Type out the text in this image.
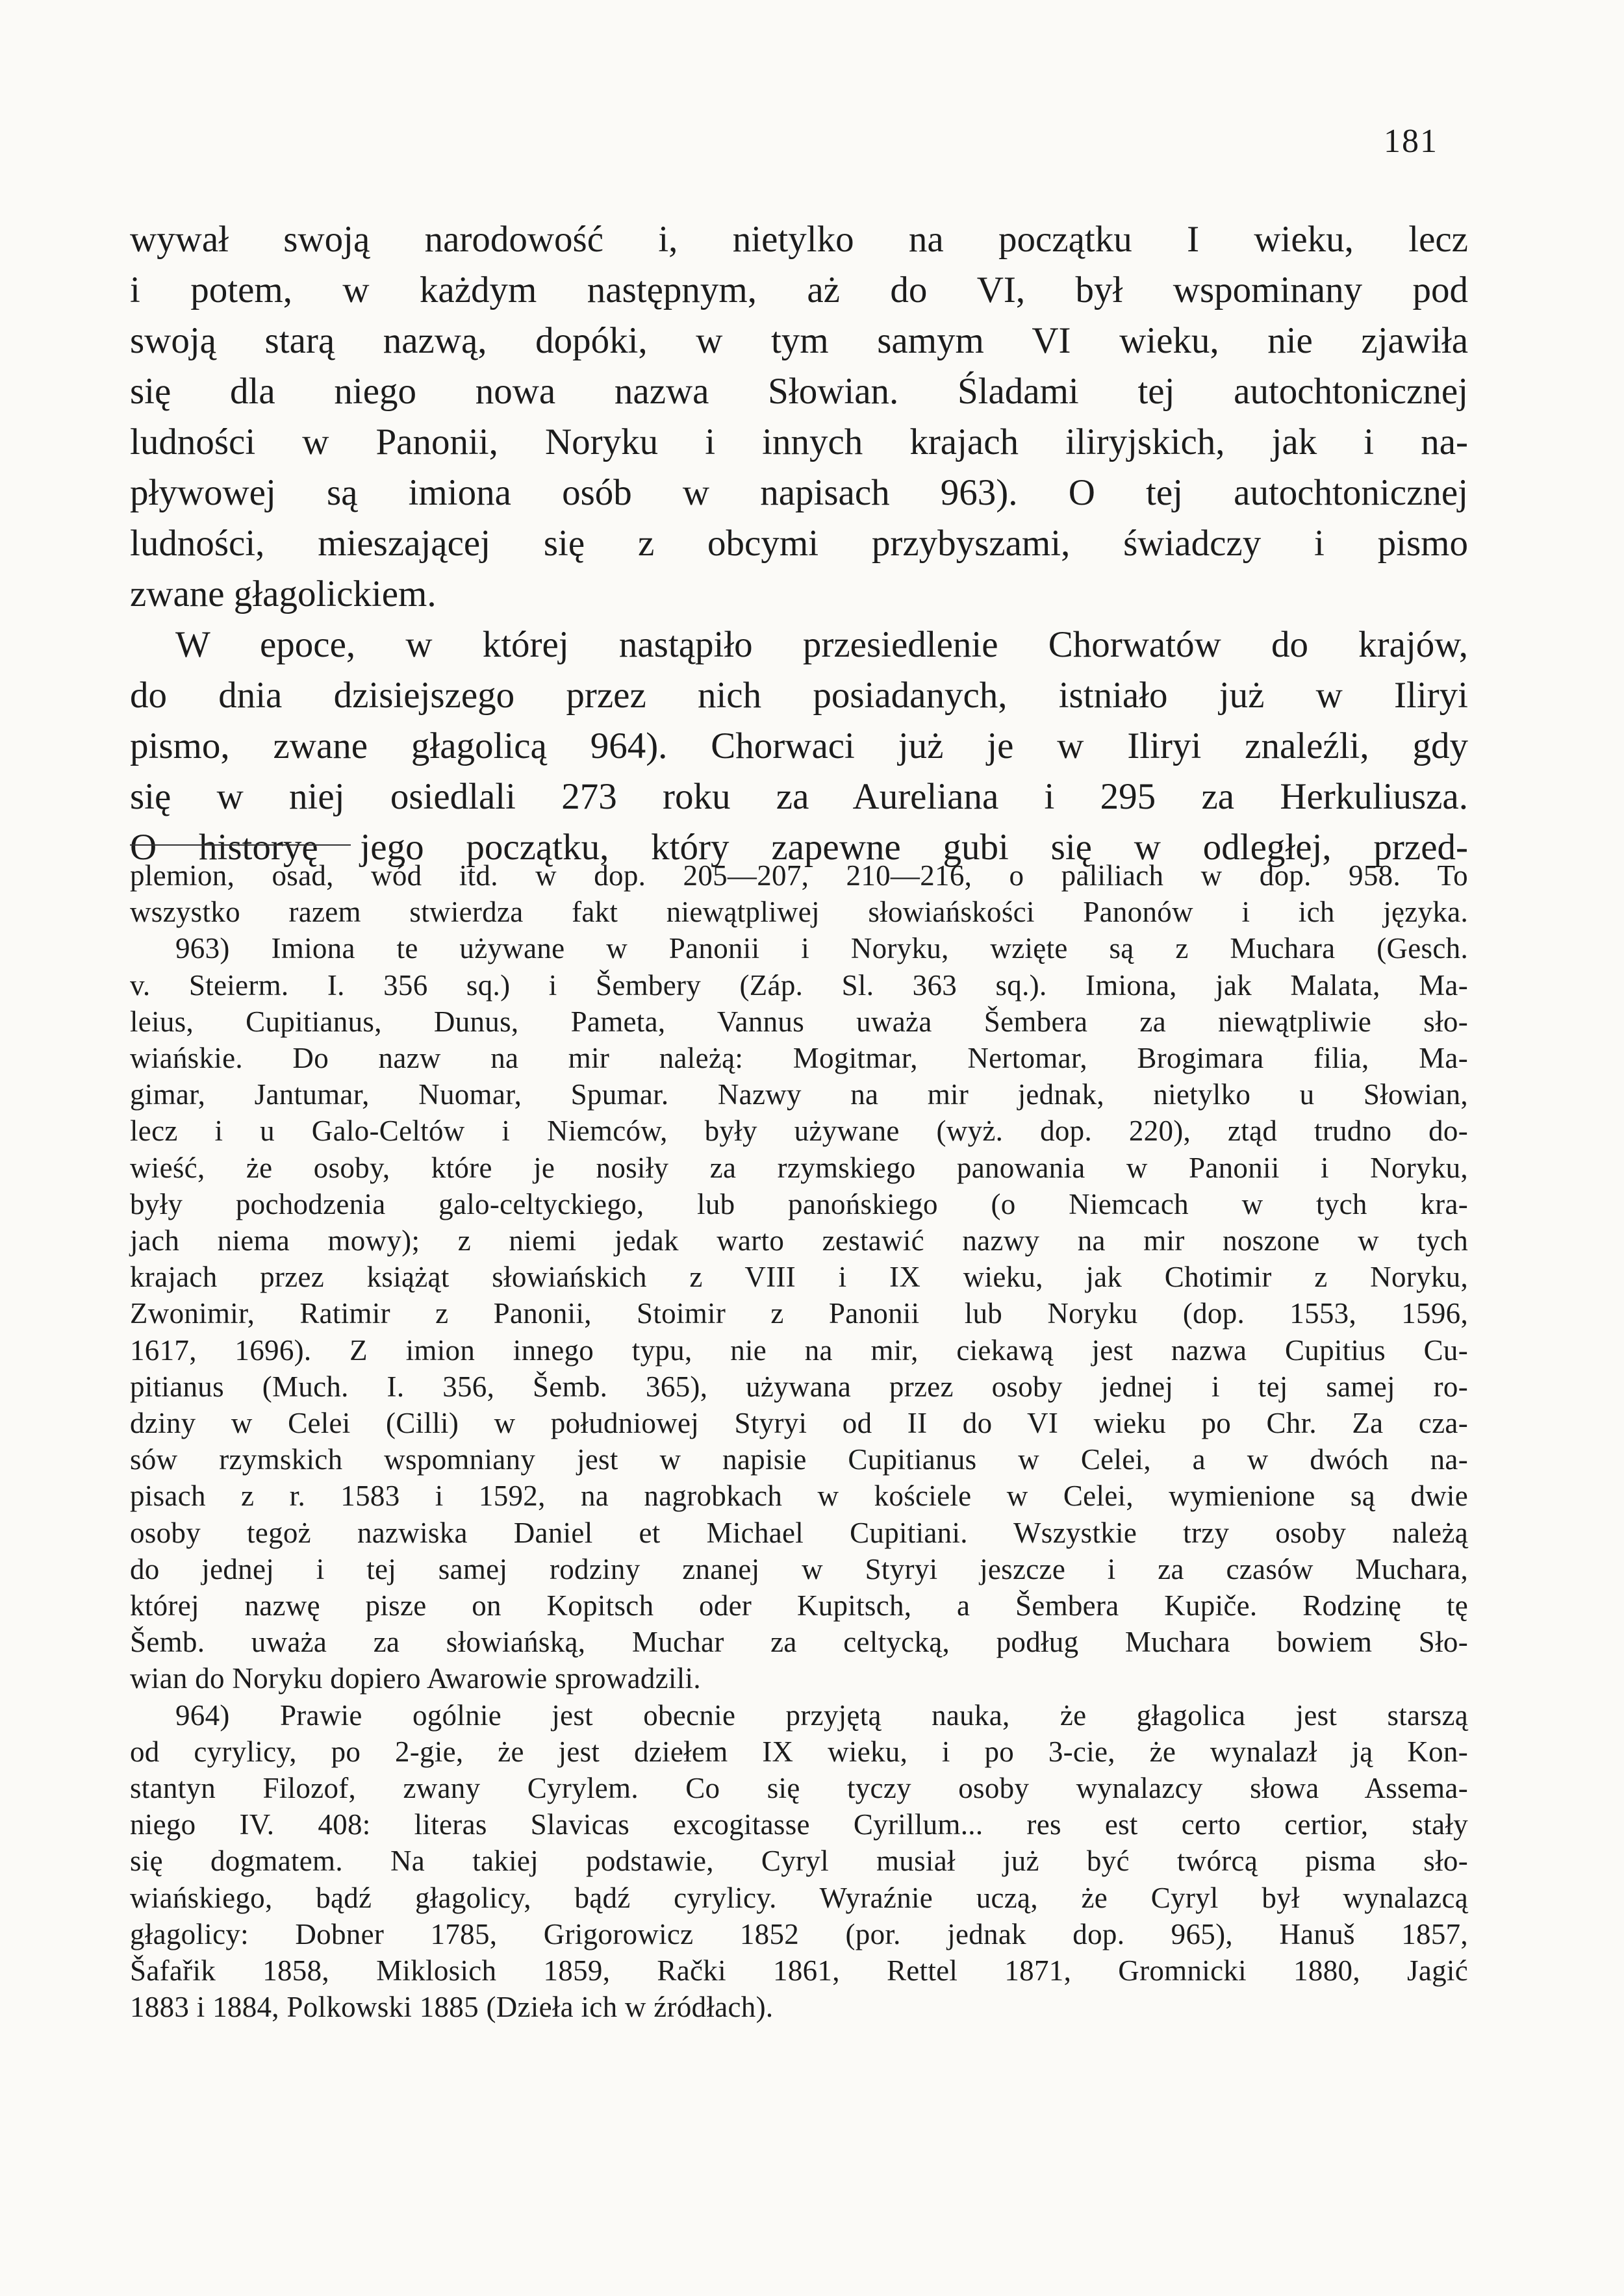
181
wywał swoją narodowość i, nietylko na początku I wieku, lecz
i potem, w każdym następnym, aż do VI, był wspominany pod
swoją starą nazwą, dopóki, w tym samym VI wieku, nie zjawiła
się dla niego nowa nazwa Słowian. Śladami tej autochtonicznej
ludności w Panonii, Noryku i innych krajach iliryjskich, jak i na-
pływowej są imiona osób w napisach 963). O tej autochtonicznej
ludności, mieszającej się z obcymi przybyszami, świadczy i pismo
zwane głagolickiem.
W epoce, w której nastąpiło przesiedlenie Chorwatów do krajów,
do dnia dzisiejszego przez nich posiadanych, istniało już w Iliryi
pismo, zwane głagolicą 964). Chorwaci już je w Iliryi znaleźli, gdy
się w niej osiedlali 273 roku za Aureliana i 295 za Herkuliusza.
O historyę jego początku, który zapewne gubi się w odległej, przed-
plemion, osad, wód itd. w dop. 205—207, 210—216, o paliliach w dop. 958. To
wszystko razem stwierdza fakt niewątpliwej słowiańskości Panonów i ich języka.
963) Imiona te używane w Panonii i Noryku, wzięte są z Muchara (Gesch.
v. Steierm. I. 356 sq.) i Šembery (Záp. Sl. 363 sq.). Imiona, jak Malata, Ma-
leius, Cupitianus, Dunus, Pameta, Vannus uważa Šembera za niewątpliwie sło-
wiańskie. Do nazw na mir należą: Mogitmar, Nertomar, Brogimara filia, Ma-
gimar, Jantumar, Nuomar, Spumar. Nazwy na mir jednak, nietylko u Słowian,
lecz i u Galo-Celtów i Niemców, były używane (wyż. dop. 220), ztąd trudno do-
wieść, że osoby, które je nosiły za rzymskiego panowania w Panonii i Noryku,
były pochodzenia galo-celtyckiego, lub panońskiego (o Niemcach w tych kra-
jach niema mowy); z niemi jedak warto zestawić nazwy na mir noszone w tych
krajach przez książąt słowiańskich z VIII i IX wieku, jak Chotimir z Noryku,
Zwonimir, Ratimir z Panonii, Stoimir z Panonii lub Noryku (dop. 1553, 1596,
1617, 1696). Z imion innego typu, nie na mir, ciekawą jest nazwa Cupitius Cu-
pitianus (Much. I. 356, Šemb. 365), używana przez osoby jednej i tej samej ro-
dziny w Celei (Cilli) w południowej Styryi od II do VI wieku po Chr. Za cza-
sów rzymskich wspomniany jest w napisie Cupitianus w Celei, a w dwóch na-
pisach z r. 1583 i 1592, na nagrobkach w kościele w Celei, wymienione są dwie
osoby tegoż nazwiska Daniel et Michael Cupitiani. Wszystkie trzy osoby należą
do jednej i tej samej rodziny znanej w Styryi jeszcze i za czasów Muchara,
której nazwę pisze on Kopitsch oder Kupitsch, a Šembera Kupiče. Rodzinę tę
Šemb. uważa za słowiańską, Muchar za celtycką, podług Muchara bowiem Sło-
wian do Noryku dopiero Awarowie sprowadzili.
964) Prawie ogólnie jest obecnie przyjętą nauka, że głagolica jest starszą
od cyrylicy, po 2-gie, że jest dziełem IX wieku, i po 3-cie, że wynalazł ją Kon-
stantyn Filozof, zwany Cyrylem. Co się tyczy osoby wynalazcy słowa Assema-
niego IV. 408: literas Slavicas excogitasse Cyrillum... res est certo certior, stały
się dogmatem. Na takiej podstawie, Cyryl musiał już być twórcą pisma sło-
wiańskiego, bądź głagolicy, bądź cyrylicy. Wyraźnie uczą, że Cyryl był wynalazcą
głagolicy: Dobner 1785, Grigorowicz 1852 (por. jednak dop. 965), Hanuš 1857,
Šafařik 1858, Miklosich 1859, Rački 1861, Rettel 1871, Gromnicki 1880, Jagić
1883 i 1884, Polkowski 1885 (Dzieła ich w źródłach).
